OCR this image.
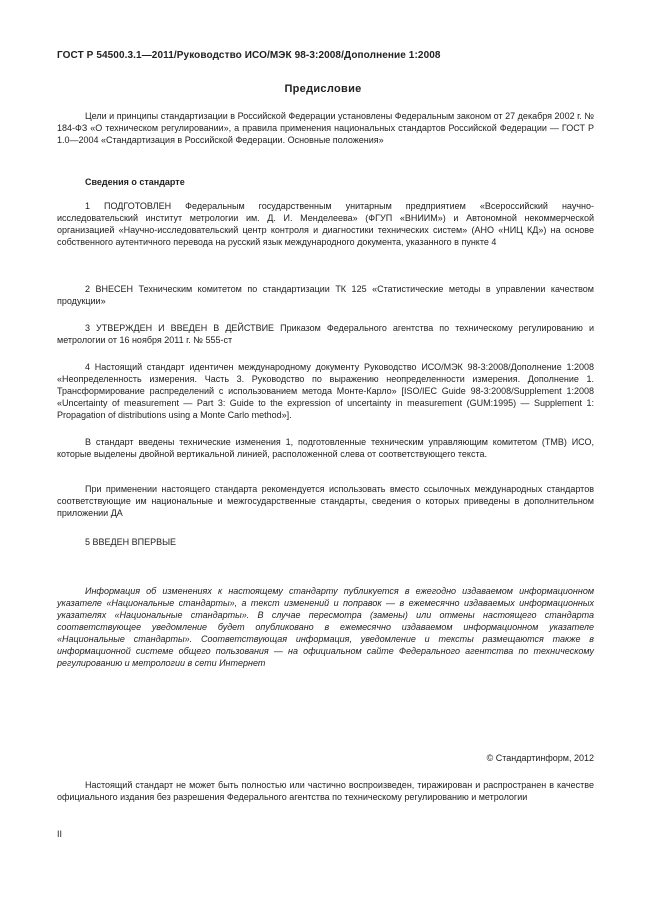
ГОСТ Р 54500.3.1—2011/Руководство ИСО/МЭК 98-3:2008/Дополнение 1:2008
Предисловие

Цели и принципы стандартизации в Российской Федерации установлены Федеральным законом от 27 декабря 2002 г. № 184-ФЗ «О техническом регулировании», а правила применения национальных стандартов Российской Федерации — ГОСТ Р 1.0—2004 «Стандартизация в Российской Федерации. Основные положения»

Сведения о стандарте

1 ПОДГОТОВЛЕН Федеральным государственным унитарным предприятием «Всероссийский научно-исследовательский институт метрологии им. Д. И. Менделеева» (ФГУП «ВНИИМ») и Автономной некоммерческой организацией «Научно-исследовательский центр контроля и диагностики технических систем» (АНО «НИЦ КД») на основе собственного аутентичного перевода на русский язык международного документа, указанного в пункте 4

2 ВНЕСЕН Техническим комитетом по стандартизации ТК 125 «Статистические методы в управлении качеством продукции»

3 УТВЕРЖДЕН И ВВЕДЕН В ДЕЙСТВИЕ Приказом Федерального агентства по техническому регулированию и метрологии от 16 ноября 2011 г. № 555-ст

4 Настоящий стандарт идентичен международному документу Руководство ИСО/МЭК 98-3:2008/Дополнение 1:2008 «Неопределенность измерения. Часть 3. Руководство по выражению неопределенности измерения. Дополнение 1. Трансформирование распределений с использованием метода Монте-Карло» [ISO/IEC Guide 98-3:2008/Supplement 1:2008 «Uncertainty of measurement — Part 3: Guide to the expression of uncertainty in measurement (GUM:1995) — Supplement 1: Propagation of distributions using a Monte Carlo method»].

В стандарт введены технические изменения 1, подготовленные техническим управляющим комитетом (ТМВ) ИСО, которые выделены двойной вертикальной линией, расположенной слева от соответствующего текста.

При применении настоящего стандарта рекомендуется использовать вместо ссылочных международных стандартов соответствующие им национальные и межгосударственные стандарты, сведения о которых приведены в дополнительном приложении ДА

5 ВВЕДЕН ВПЕРВЫЕ

Информация об изменениях к настоящему стандарту публикуется в ежегодно издаваемом информационном указателе «Национальные стандарты», а текст изменений и поправок — в ежемесячно издаваемых информационных указателях «Национальные стандарты». В случае пересмотра (замены) или отмены настоящего стандарта соответствующее уведомление будет опубликовано в ежемесячно издаваемом информационном указателе «Национальные стандарты». Соответствующая информация, уведомление и тексты размещаются также в информационной системе общего пользования — на официальном сайте Федерального агентства по техническому регулированию и метрологии в сети Интернет

© Стандартинформ, 2012

Настоящий стандарт не может быть полностью или частично воспроизведен, тиражирован и распространен в качестве официального издания без разрешения Федерального агентства по техническому регулированию и метрологии

II
